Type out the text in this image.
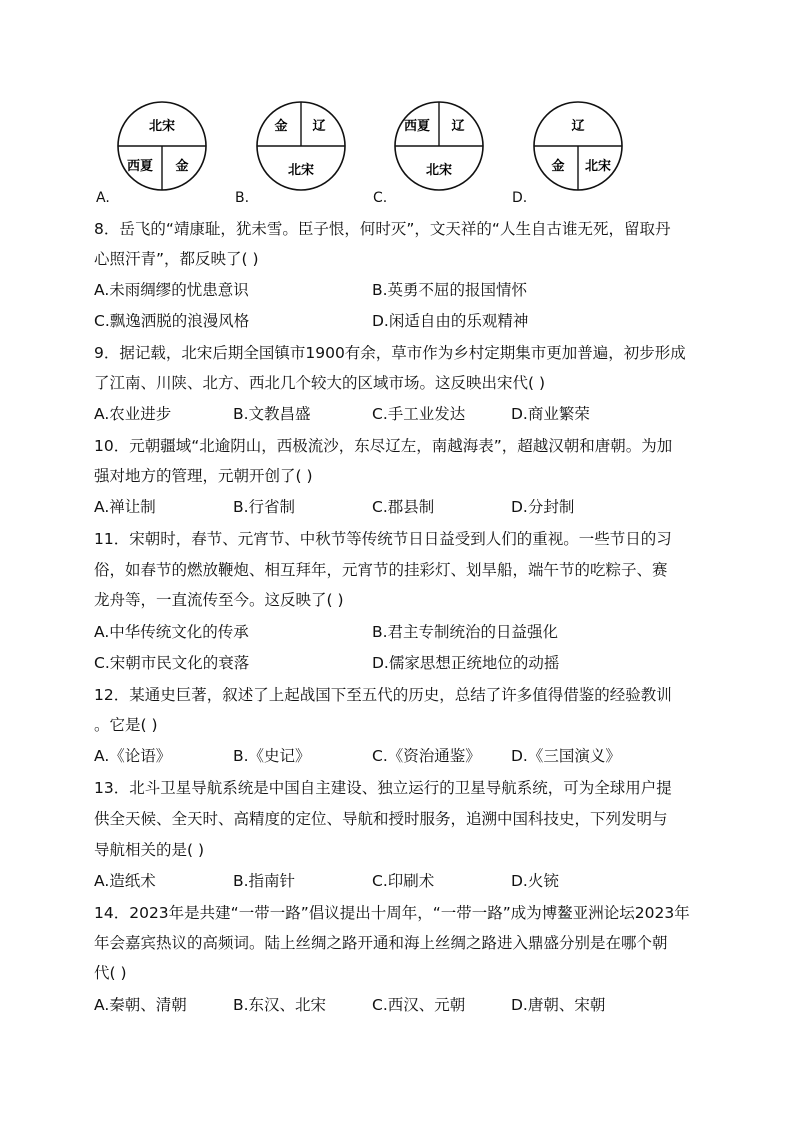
A.
北宋
西夏 金
B.
金 辽
北宋
C.
西夏 辽
北宋
D.
辽
金 北宋
8．岳飞的“靖康耻，犹未雪。臣子恨，何时灭”，文天祥的“人生自古谁无死，留取丹
心照汗青”，都反映了( )
A.未雨绸缪的忧患意识	B.英勇不屈的报国情怀
C.飘逸洒脱的浪漫风格	D.闲适自由的乐观精神
9．据记载，北宋后期全国镇市1900有余，草市作为乡村定期集市更加普遍，初步形成
了江南、川陕、北方、西北几个较大的区域市场。这反映出宋代( )
A.农业进步	B.文教昌盛	C.手工业发达	D.商业繁荣
10．元朝疆域“北逾阴山，西极流沙，东尽辽左，南越海表”，超越汉朝和唐朝。为加
强对地方的管理，元朝开创了( )
A.禅让制	B.行省制	C.郡县制	D.分封制
11．宋朝时，春节、元宵节、中秋节等传统节日日益受到人们的重视。一些节日的习
俗，如春节的燃放鞭炮、相互拜年，元宵节的挂彩灯、划旱船，端午节的吃粽子、赛
龙舟等，一直流传至今。这反映了( )
A.中华传统文化的传承	B.君主专制统治的日益强化
C.宋朝市民文化的衰落	D.儒家思想正统地位的动摇
12．某通史巨著，叙述了上起战国下至五代的历史，总结了许多值得借鉴的经验教训
。它是( )
A.《论语》	B.《史记》	C.《资治通鉴》 D.《三国演义》
13．北斗卫星导航系统是中国自主建设、独立运行的卫星导航系统，可为全球用户提
供全天候、全天时、高精度的定位、导航和授时服务，追溯中国科技史，下列发明与
导航相关的是( )
A.造纸术	B.指南针	C.印刷术	D.火铳
14．2023年是共建“一带一路”倡议提出十周年，“一带一路”成为博鳌亚洲论坛2023年
年会嘉宾热议的高频词。陆上丝绸之路开通和海上丝绸之路进入鼎盛分别是在哪个朝
代( )
A.秦朝、清朝	B.东汉、北宋	C.西汉、元朝	D.唐朝、宋朝
